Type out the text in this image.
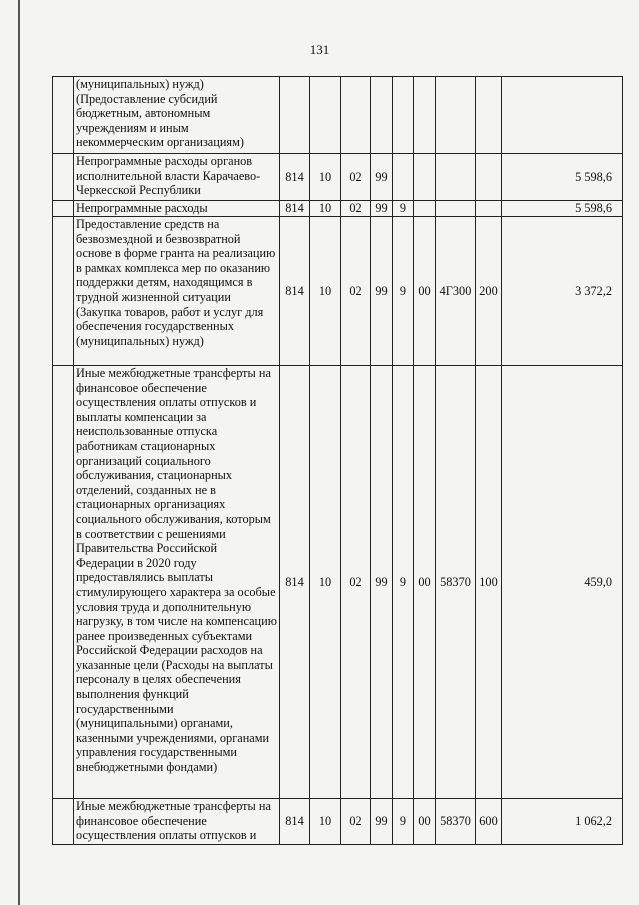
131
	(муниципальных) нужд) (Предоставление субсидий бюджетным, автономным учреждениям и иным некоммерческим организациям)									
	Непрограммные расходы органов исполнительной власти Карачаево-Черкесской Республики	814	10	02	99					5 598,6
	Непрограммные расходы	814	10	02	99	9				5 598,6
	Предоставление средств на безвозмездной и безвозвратной основе в форме гранта на реализацию в рамках комплекса мер по оказанию поддержки детям, находящимся в трудной жизненной ситуации (Закупка товаров, работ и услуг для обеспечения государственных (муниципальных) нужд)	814	10	02	99	9	00	4Г300	200	3 372,2
	Иные межбюджетные трансферты на финансовое обеспечение осуществления оплаты отпусков и выплаты компенсации за неиспользованные отпуска работникам стационарных организаций социального обслуживания, стационарных отделений, созданных не в стационарных организациях социального обслуживания, которым в соответствии с решениями Правительства Российской Федерации в 2020 году предоставлялись выплаты стимулирующего характера за особые условия труда и дополнительную нагрузку, в том числе на компенсацию ранее произведенных субъектами Российской Федерации расходов на указанные цели (Расходы на выплаты персоналу в целях обеспечения выполнения функций государственными (муниципальными) органами, казенными учреждениями, органами управления государственными внебюджетными фондами)	814	10	02	99	9	00	58370	100	459,0
	Иные межбюджетные трансферты на финансовое обеспечение осуществления оплаты отпусков и	814	10	02	99	9	00	58370	600	1 062,2
